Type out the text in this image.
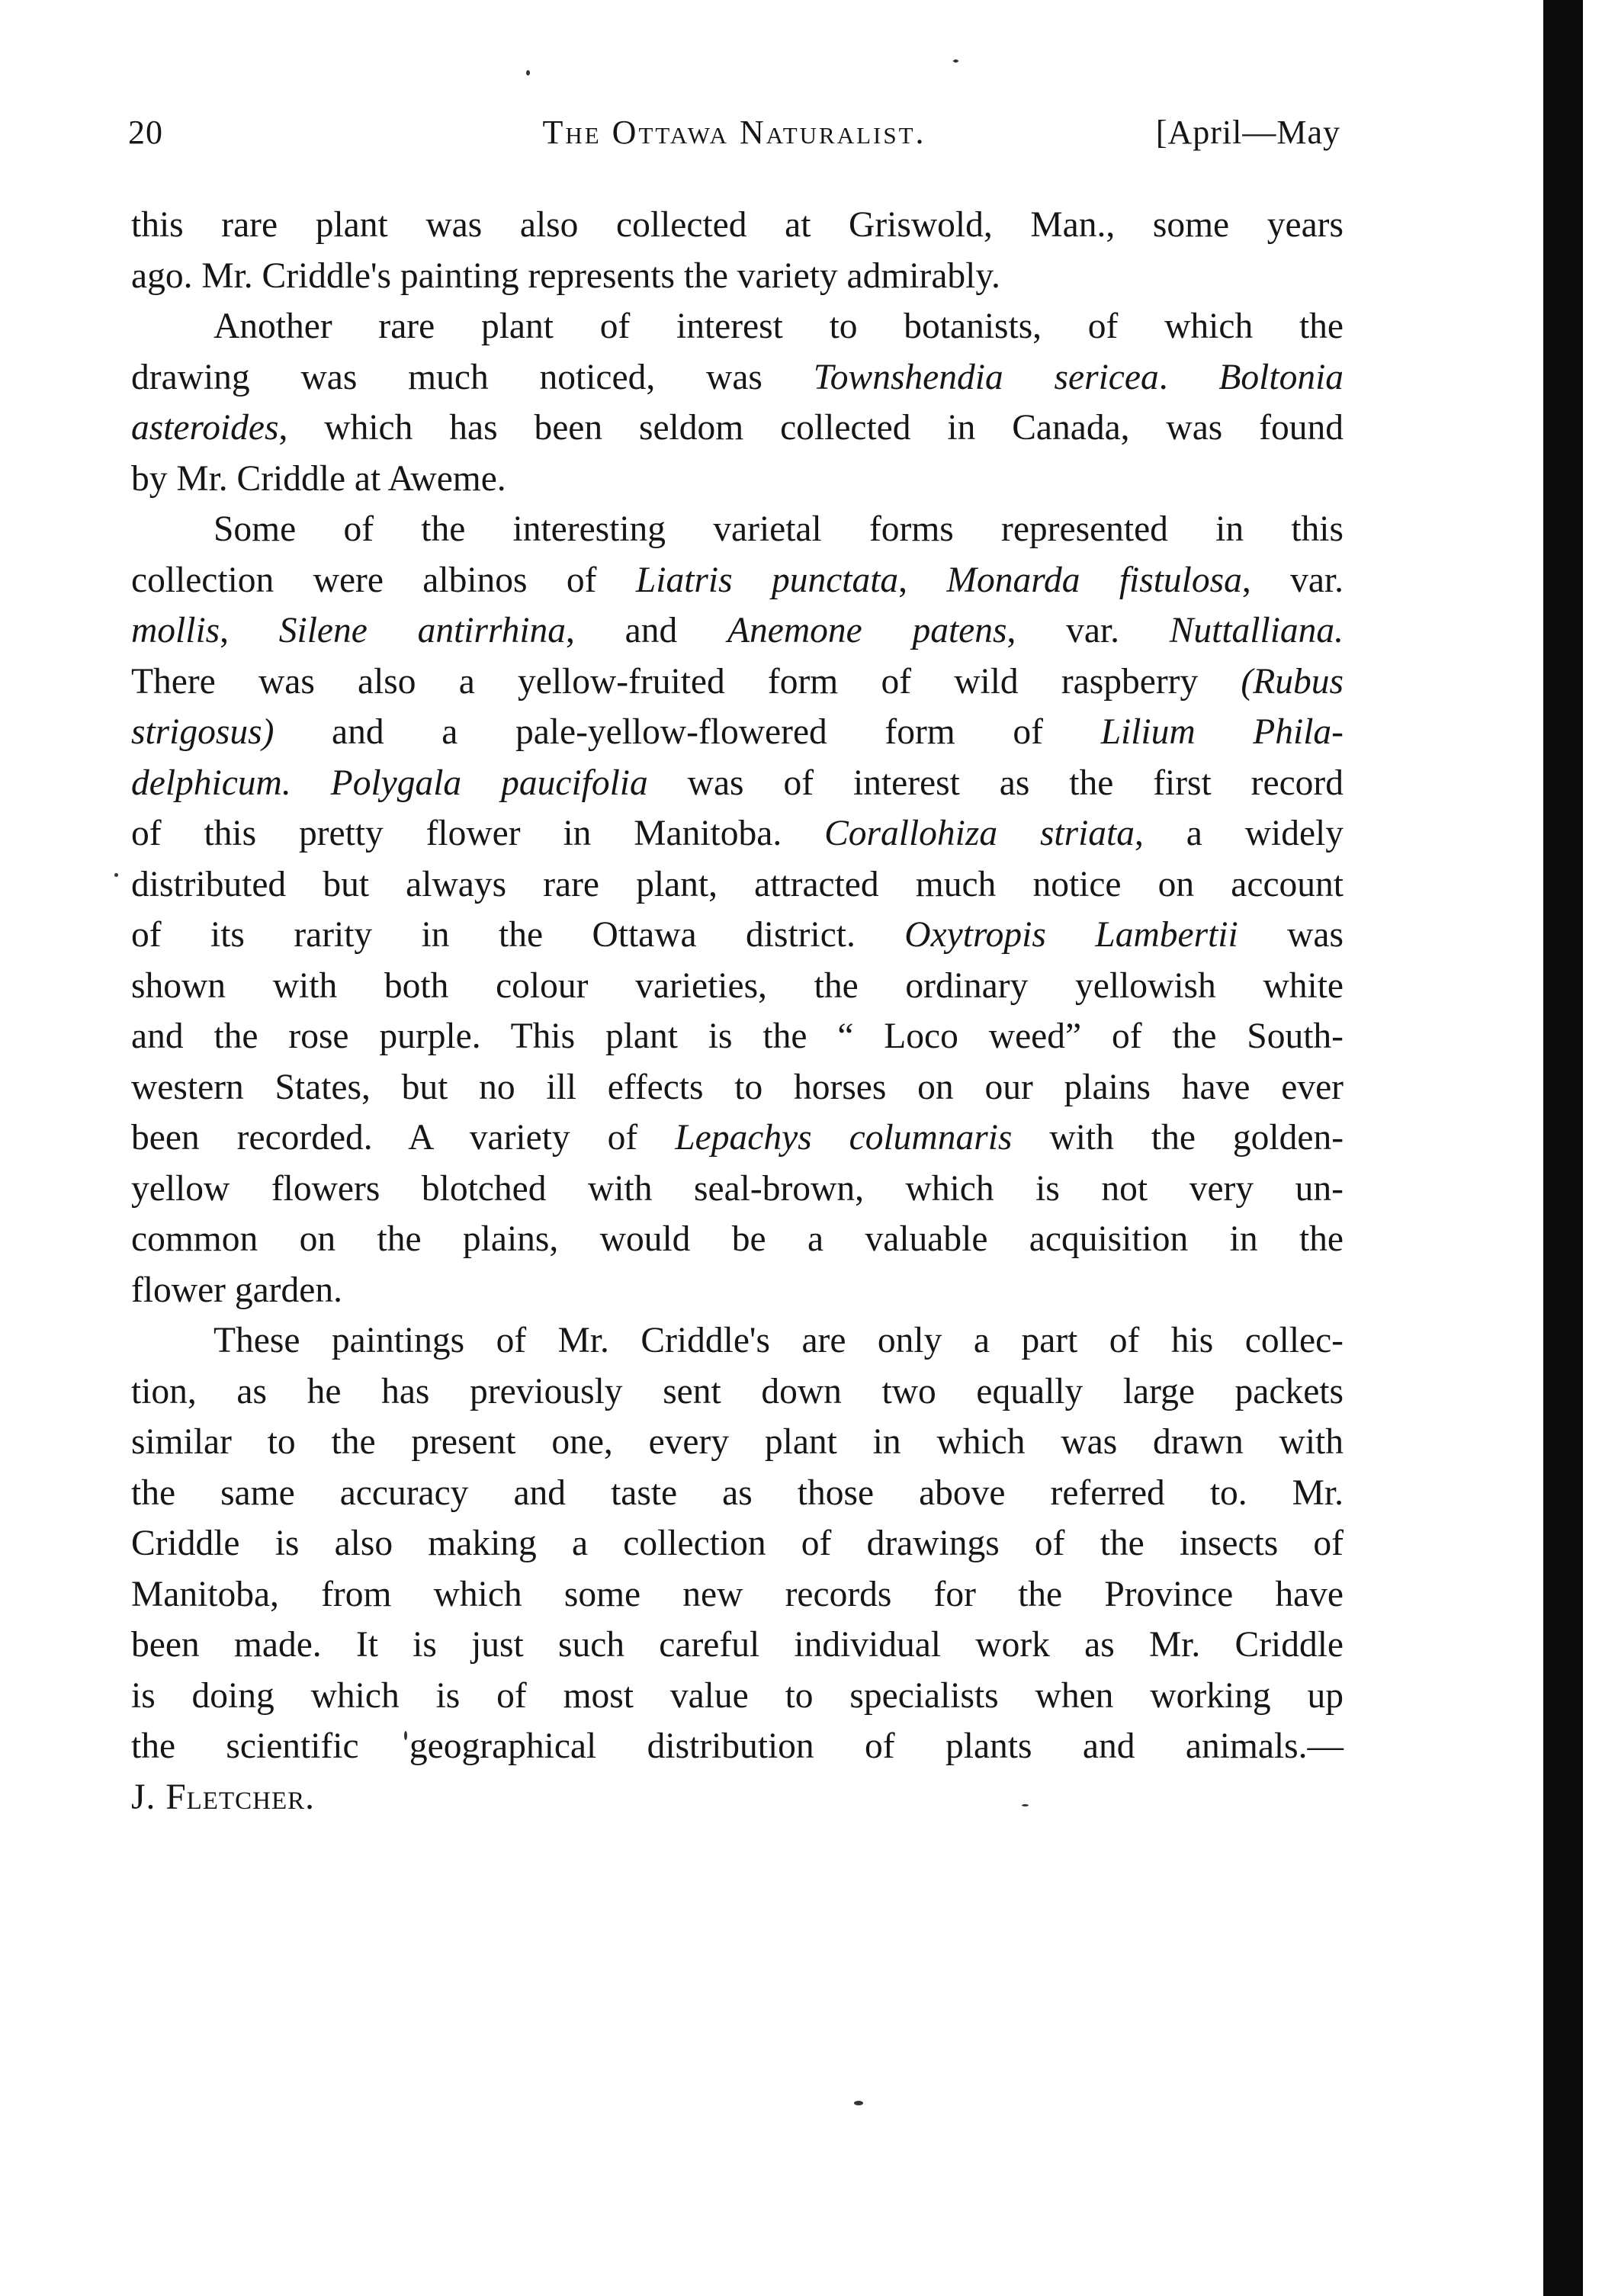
20	The Ottawa Naturalist.	[April—May
this rare plant was also collected at Griswold, Man., some years
ago. Mr. Criddle's painting represents the variety admirably.
Another rare plant of interest to botanists, of which the
drawing was much noticed, was Townshendia sericea. Boltonia
asteroides, which has been seldom collected in Canada, was found
by Mr. Criddle at Aweme.
Some of the interesting varietal forms represented in this
collection were albinos of Liatris punctata, Monarda fistulosa, var.
mollis, Silene antirrhina, and Anemone patens, var. Nuttalliana.
There was also a yellow-fruited form of wild raspberry (Rubus
strigosus) and a pale-yellow-flowered form of Lilium Phila-
delphicum. Polygala paucifolia was of interest as the first record
of this pretty flower in Manitoba. Corallohiza striata, a widely
distributed but always rare plant, attracted much notice on account
of its rarity in the Ottawa district. Oxytropis Lambertii was
shown with both colour varieties, the ordinary yellowish white
and the rose purple. This plant is the “ Loco weed” of the South-
western States, but no ill effects to horses on our plains have ever
been recorded. A variety of Lepachys columnaris with the golden-
yellow flowers blotched with seal-brown, which is not very un-
common on the plains, would be a valuable acquisition in the
flower garden.
These paintings of Mr. Criddle's are only a part of his collec-
tion, as he has previously sent down two equally large packets
similar to the present one, every plant in which was drawn with
the same accuracy and taste as those above referred to. Mr.
Criddle is also making a collection of drawings of the insects of
Manitoba, from which some new records for the Province have
been made. It is just such careful individual work as Mr. Criddle
is doing which is of most value to specialists when working up
the scientific geographical distribution of plants and animals.—
J. Fletcher.
